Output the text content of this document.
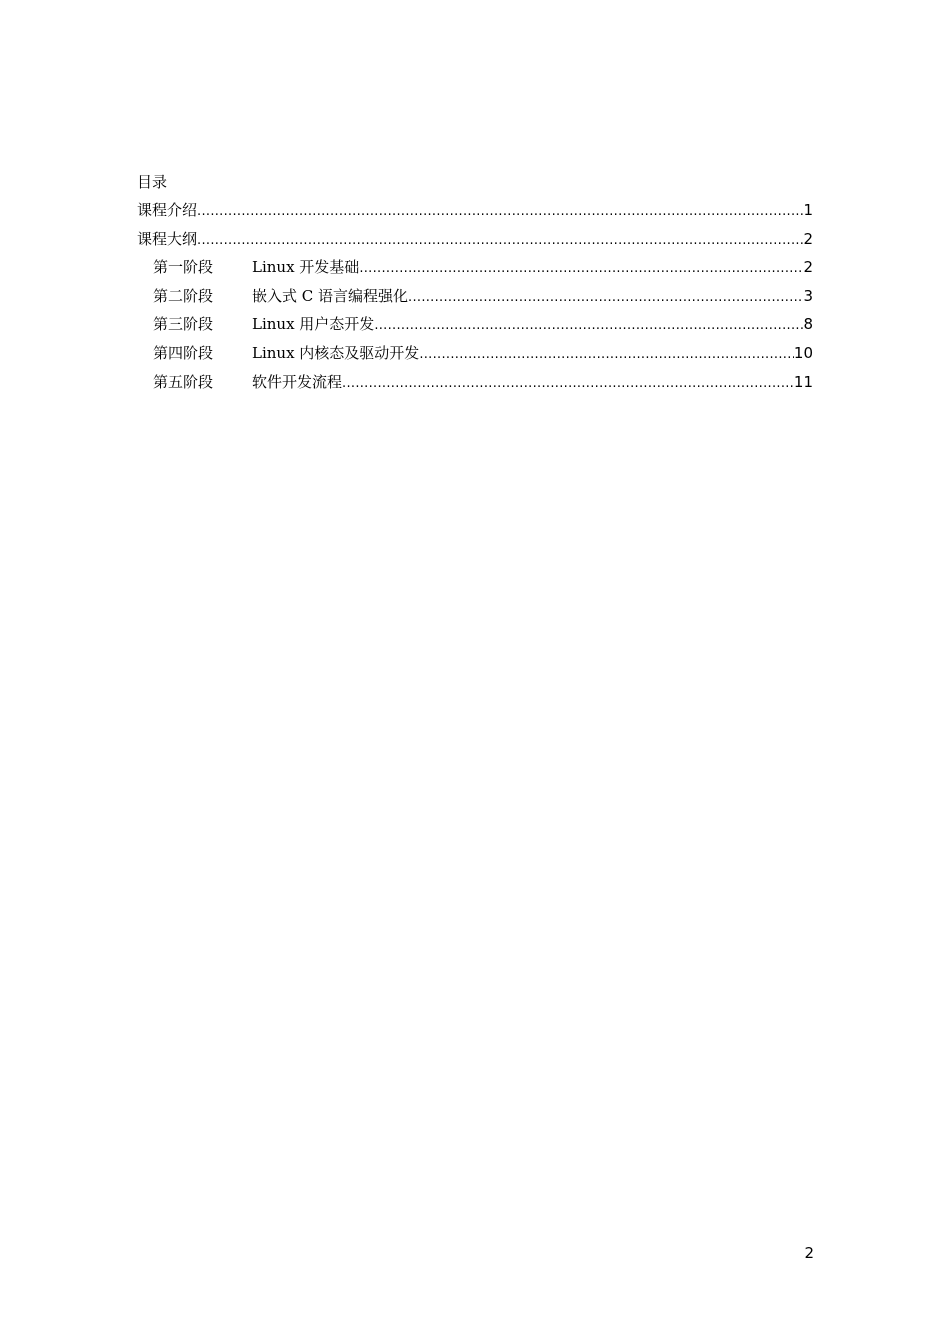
目录
课程介绍 .....	1
课程大纲 .....	2
第一阶段	Linux 开发基础 .....	2
第二阶段	嵌入式 C 语言编程强化 .....	3
第三阶段	Linux 用户态开发 .....	8
第四阶段	Linux 内核态及驱动开发 .....	10
第五阶段	软件开发流程 .....	11
2
